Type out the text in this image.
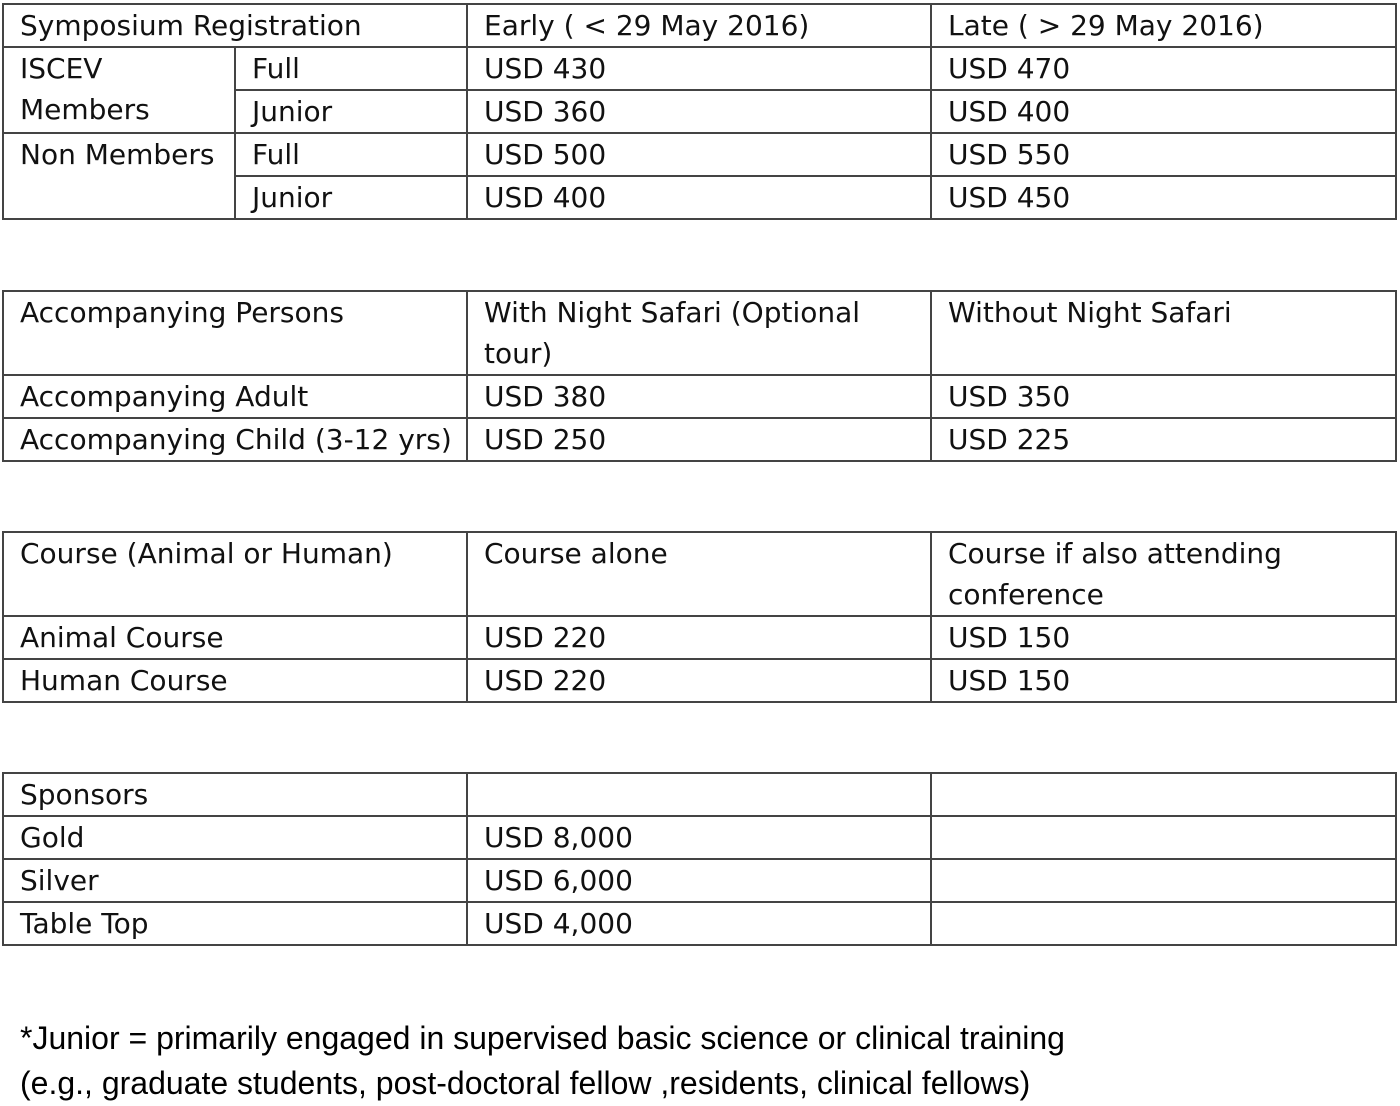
Symposium Registration		Early ( < 29 May 2016)	Late ( > 29 May 2016)
ISCEV Members	Full	USD 430	USD 470
	Junior	USD 360	USD 400
Non Members	Full	USD 500	USD 550
	Junior	USD 400	USD 450
Accompanying Persons	With Night Safari (Optional tour)	Without Night Safari
Accompanying Adult	USD 380	USD 350
Accompanying Child (3-12 yrs)	USD 250	USD 225
Course (Animal or Human)	Course alone	Course if also attending conference
Animal Course	USD 220	USD 150
Human Course	USD 220	USD 150
Sponsors		
Gold	USD 8,000	
Silver	USD 6,000	
Table Top	USD 4,000	
*Junior = primarily engaged in supervised basic science or clinical training
(e.g., graduate students, post-doctoral fellow ,residents, clinical fellows)
